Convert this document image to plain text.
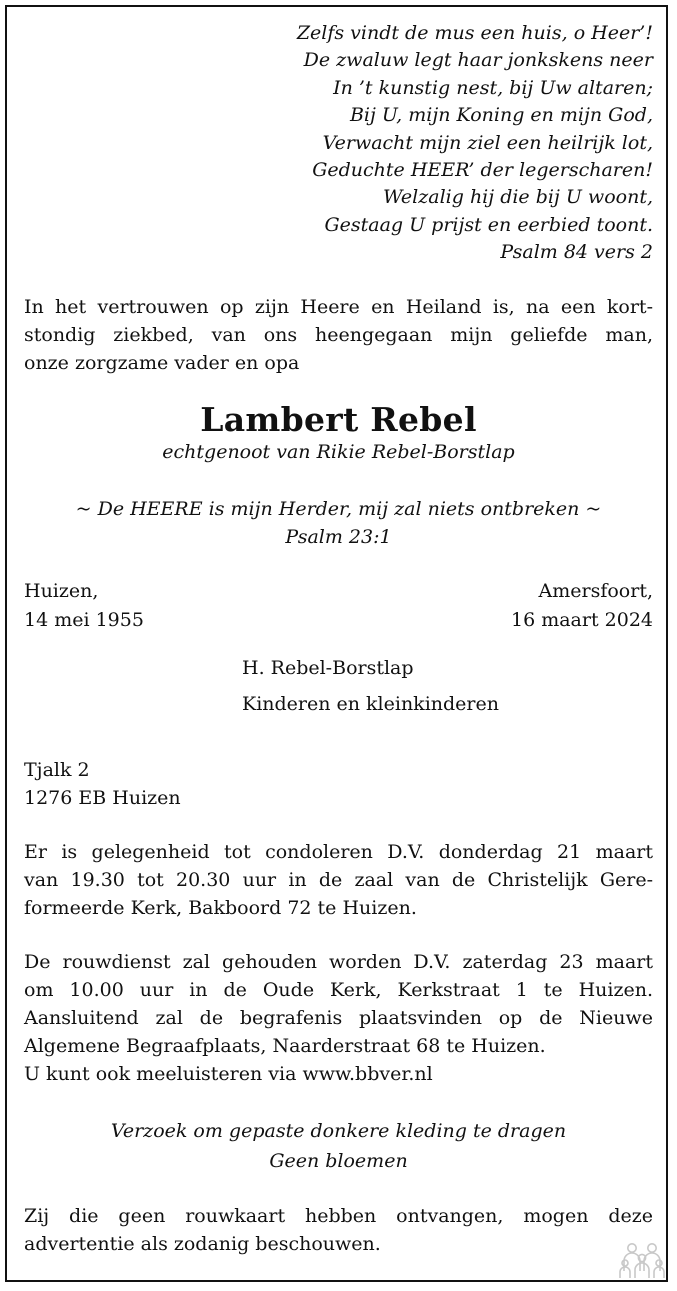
Zelfs vindt de mus een huis, o Heer’!
De zwaluw legt haar jonkskens neer
In ’t kunstig nest, bij Uw altaren;
Bij U, mijn Koning en mijn God,
Verwacht mijn ziel een heilrijk lot,
Geduchte HEER’ der legerscharen!
Welzalig hij die bij U woont,
Gestaag U prijst en eerbied toont.
Psalm 84 vers 2
In het vertrouwen op zijn Heere en Heiland is, na een kort-
stondig ziekbed, van ons heengegaan mijn geliefde man,
onze zorgzame vader en opa
Lambert Rebel
echtgenoot van Rikie Rebel-Borstlap
~ De HEERE is mijn Herder, mij zal niets ontbreken ~
Psalm 23:1
Huizen,
14 mei 1955
Amersfoort,
16 maart 2024
H. Rebel-Borstlap
Kinderen en kleinkinderen
Tjalk 2
1276 EB Huizen
Er is gelegenheid tot condoleren D.V. donderdag 21 maart
van 19.30 tot 20.30 uur in de zaal van de Christelijk Gere-
formeerde Kerk, Bakboord 72 te Huizen.
De rouwdienst zal gehouden worden D.V. zaterdag 23 maart
om 10.00 uur in de Oude Kerk, Kerkstraat 1 te Huizen.
Aansluitend zal de begrafenis plaatsvinden op de Nieuwe
Algemene Begraafplaats, Naarderstraat 68 te Huizen.
U kunt ook meeluisteren via www.bbver.nl
Verzoek om gepaste donkere kleding te dragen
Geen bloemen
Zij die geen rouwkaart hebben ontvangen, mogen deze
advertentie als zodanig beschouwen.
